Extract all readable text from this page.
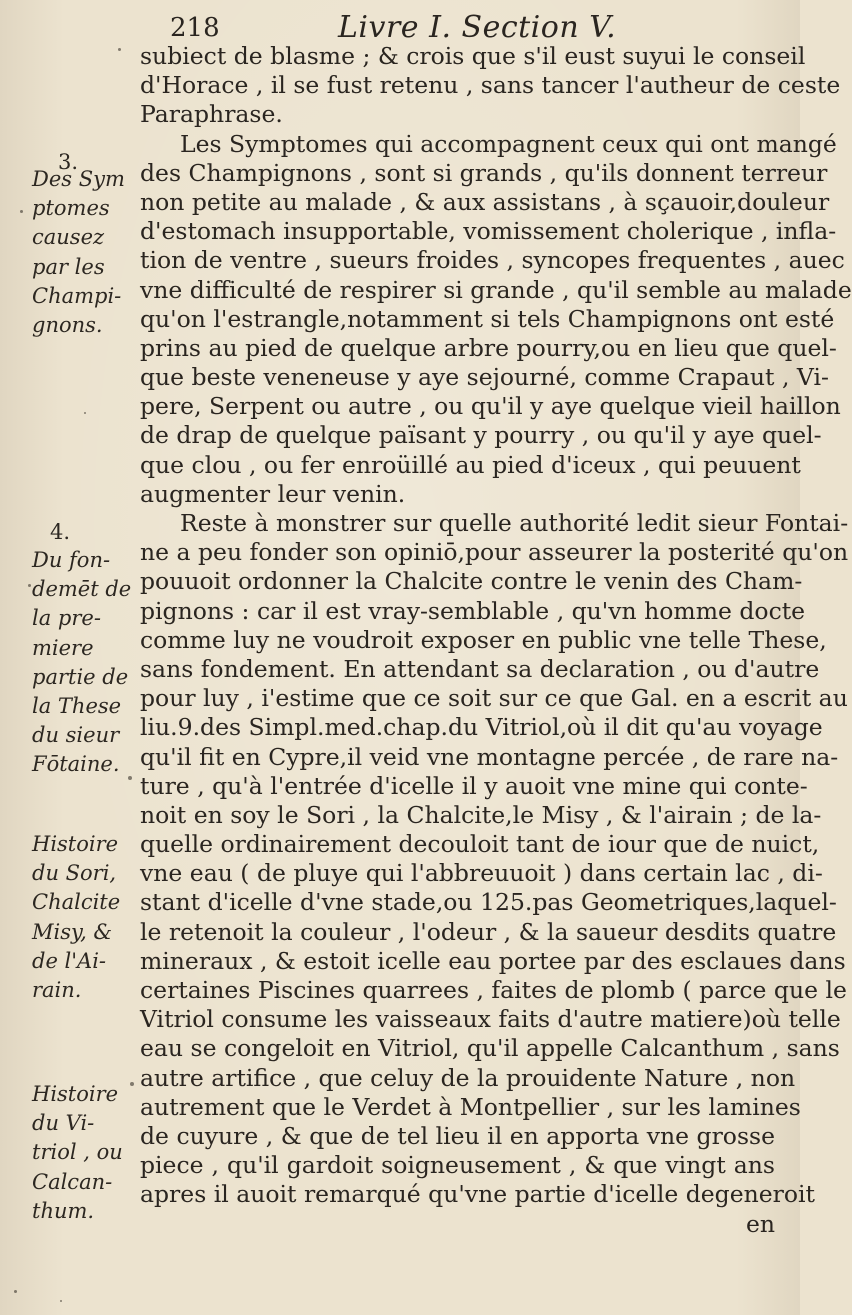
218	Livre I. Section V.
subiect de blasme ; & crois que s'il eust suyui le conseil
d'Horace , il se fust retenu , sans tancer l'autheur de ceste
Paraphrase.
Les Symptomes qui accompagnent ceux qui ont mangé
des Champignons , sont si grands , qu'ils donnent terreur
non petite au malade , & aux assistans , à sçauoir,douleur
d'estomach insupportable, vomissement cholerique , infla-
tion de ventre , sueurs froides , syncopes frequentes , auec
vne difficulté de respirer si grande , qu'il semble au malade
qu'on l'estrangle,notamment si tels Champignons ont esté
prins au pied de quelque arbre pourry,ou en lieu que quel-
que beste veneneuse y aye sejourné, comme Crapaut , Vi-
pere, Serpent ou autre , ou qu'il y aye quelque vieil haillon
de drap de quelque païsant y pourry , ou qu'il y aye quel-
que clou , ou fer enroüillé au pied d'iceux , qui peuuent
augmenter leur venin.
Reste à monstrer sur quelle authorité ledit sieur Fontai-
ne a peu fonder son opiniō,pour asseurer la posterité qu'on
pouuoit ordonner la Chalcite contre le venin des Cham-
pignons : car il est vray-semblable , qu'vn homme docte
comme luy ne voudroit exposer en public vne telle These,
sans fondement. En attendant sa declaration , ou d'autre
pour luy , i'estime que ce soit sur ce que Gal. en a escrit au
liu.9.des Simpl.med.chap.du Vitriol,où il dit qu'au voyage
qu'il fit en Cypre,il veid vne montagne percée , de rare na-
ture , qu'à l'entrée d'icelle il y auoit vne mine qui conte-
noit en soy le Sori , la Chalcite,le Misy , & l'airain ; de la-
quelle ordinairement decouloit tant de iour que de nuict,
vne eau ( de pluye qui l'abbreuuoit ) dans certain lac , di-
stant d'icelle d'vne stade,ou 125.pas Geometriques,laquel-
le retenoit la couleur , l'odeur , & la saueur desdits quatre
mineraux , & estoit icelle eau portee par des esclaues dans
certaines Piscines quarrees , faites de plomb ( parce que le
Vitriol consume les vaisseaux faits d'autre matiere)où telle
eau se congeloit en Vitriol, qu'il appelle Calcanthum , sans
autre artifice , que celuy de la prouidente Nature , non
autrement que le Verdet à Montpellier , sur les lamines
de cuyure , & que de tel lieu il en apporta vne grosse
piece , qu'il gardoit soigneusement , & que vingt ans
apres il auoit remarqué qu'vne partie d'icelle degeneroit
en
3.
Des Sym
ptomes
causez
par les
Champi-
gnons.
4.
Du fon-
demēt de
la pre-
miere
partie de
la These
du sieur
Fōtaine.
Histoire
du Sori,
Chalcite
Misy, &
de l'Ai-
rain.
Histoire
du Vi-
triol , ou
Calcan-
thum.
